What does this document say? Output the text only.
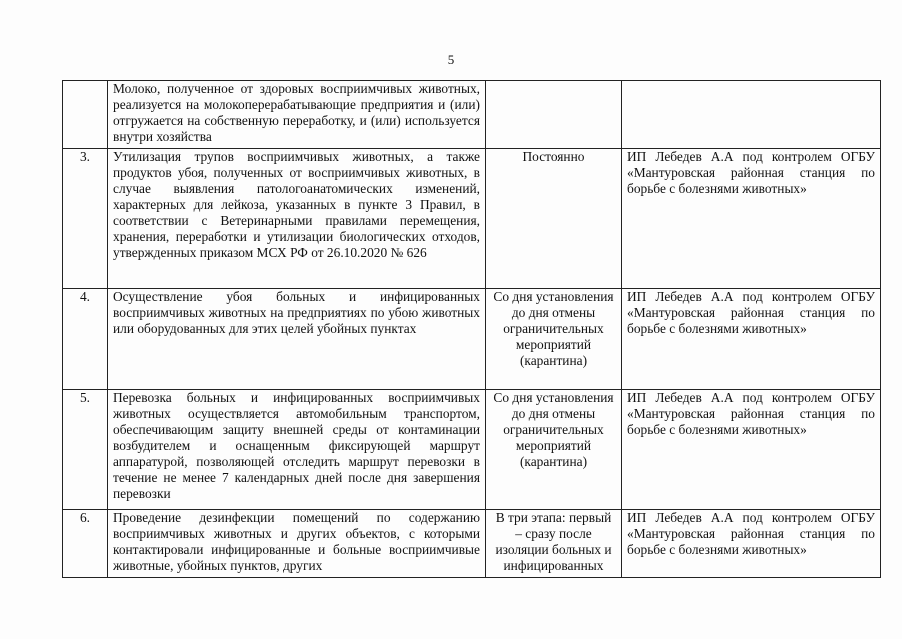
5
	Молоко, полученное от здоровых восприимчивых животных, реализуется на молокоперерабатывающие предприятия и (или) отгружается на собственную переработку, и (или) используется внутри хозяйства		
3.	Утилизация трупов восприимчивых животных, а также продуктов убоя, полученных от восприимчивых животных, в случае выявления патологоанатомических изменений, характерных для лейкоза, указанных в пункте 3 Правил, в соответствии с Ветеринарными правилами перемещения, хранения, переработки и утилизации биологических отходов, утвержденных приказом МСХ РФ от 26.10.2020 № 626	Постоянно	ИП Лебедев А.А под контролем ОГБУ «Мантуровская районная станция по борьбе с болезнями животных»
4.	Осуществление убоя больных и инфицированных восприимчивых животных на предприятиях по убою животных или оборудованных для этих целей убойных пунктах	Со дня установления до дня отмены ограничительных мероприятий (карантина)	ИП Лебедев А.А под контролем ОГБУ «Мантуровская районная станция по борьбе с болезнями животных»
5.	Перевозка больных и инфицированных восприимчивых животных осуществляется автомобильным транспортом, обеспечивающим защиту внешней среды от контаминации возбудителем и оснащенным фиксирующей маршрут аппаратурой, позволяющей отследить маршрут перевозки в течение не менее 7 календарных дней после дня завершения перевозки	Со дня установления до дня отмены ограничительных мероприятий (карантина)	ИП Лебедев А.А под контролем ОГБУ «Мантуровская районная станция по борьбе с болезнями животных»
6.	Проведение дезинфекции помещений по содержанию восприимчивых животных и других объектов, с которыми контактировали инфицированные и больные восприимчивые животные, убойных пунктов, других	В три этапа: первый – сразу после изоляции больных и инфицированных	ИП Лебедев А.А под контролем ОГБУ «Мантуровская районная станция по борьбе с болезнями животных»
